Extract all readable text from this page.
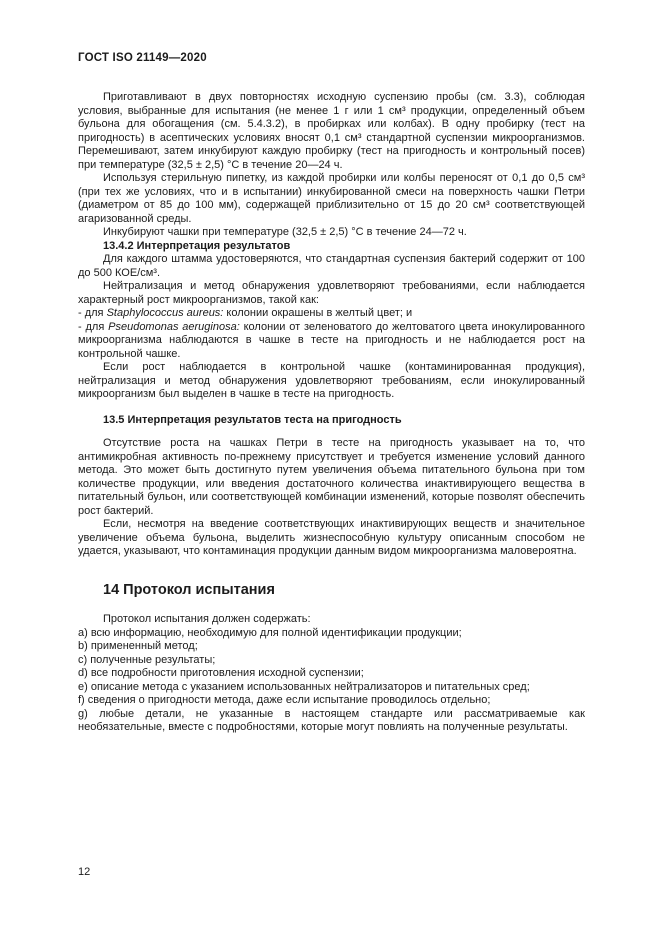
ГОСТ ISO 21149—2020

Приготавливают в двух повторностях исходную суспензию пробы (см. 3.3), соблюдая условия, выбранные для испытания (не менее 1 г или 1 см³ продукции, определенный объем бульона для обогащения (см. 5.4.3.2), в пробирках или колбах). В одну пробирку (тест на пригодность) в асептических условиях вносят 0,1 см³ стандартной суспензии микроорганизмов. Перемешивают, затем инкубируют каждую пробирку (тест на пригодность и контрольный посев) при температуре (32,5 ± 2,5) °С в течение 20—24 ч.

Используя стерильную пипетку, из каждой пробирки или колбы переносят от 0,1 до 0,5 см³ (при тех же условиях, что и в испытании) инкубированной смеси на поверхность чашки Петри (диаметром от 85 до 100 мм), содержащей приблизительно от 15 до 20 см³ соответствующей агаризованной среды.

Инкубируют чашки при температуре (32,5 ± 2,5) °С в течение 24—72 ч.

13.4.2 Интерпретация результатов

Для каждого штамма удостоверяются, что стандартная суспензия бактерий содержит от 100 до 500 КОЕ/см³.

Нейтрализация и метод обнаружения удовлетворяют требованиями, если наблюдается характерный рост микроорганизмов, такой как:

- для Staphylococcus aureus: колонии окрашены в желтый цвет; и

- для Pseudomonas aeruginosa: колонии от зеленоватого до желтоватого цвета инокулированного микроорганизма наблюдаются в чашке в тесте на пригодность и не наблюдается рост на контрольной чашке.

Если рост наблюдается в контрольной чашке (контаминированная продукция), нейтрализация и метод обнаружения удовлетворяют требованиям, если инокулированный микроорганизм был выделен в чашке в тесте на пригодность.

13.5 Интерпретация результатов теста на пригодность

Отсутствие роста на чашках Петри в тесте на пригодность указывает на то, что антимикробная активность по-прежнему присутствует и требуется изменение условий данного метода. Это может быть достигнуто путем увеличения объема питательного бульона при том количестве продукции, или введения достаточного количества инактивирующего вещества в питательный бульон, или соответствующей комбинации изменений, которые позволят обеспечить рост бактерий.

Если, несмотря на введение соответствующих инактивирующих веществ и значительное увеличение объема бульона, выделить жизнеспособную культуру описанным способом не удается, указывают, что контаминация продукции данным видом микроорганизма маловероятна.

14 Протокол испытания

Протокол испытания должен содержать:

a) всю информацию, необходимую для полной идентификации продукции;

b) примененный метод;

c) полученные результаты;

d) все подробности приготовления исходной суспензии;

e) описание метода с указанием использованных нейтрализаторов и питательных сред;

f) сведения о пригодности метода, даже если испытание проводилось отдельно;

g) любые детали, не указанные в настоящем стандарте или рассматриваемые как необязательные, вместе с подробностями, которые могут повлиять на полученные результаты.

12
